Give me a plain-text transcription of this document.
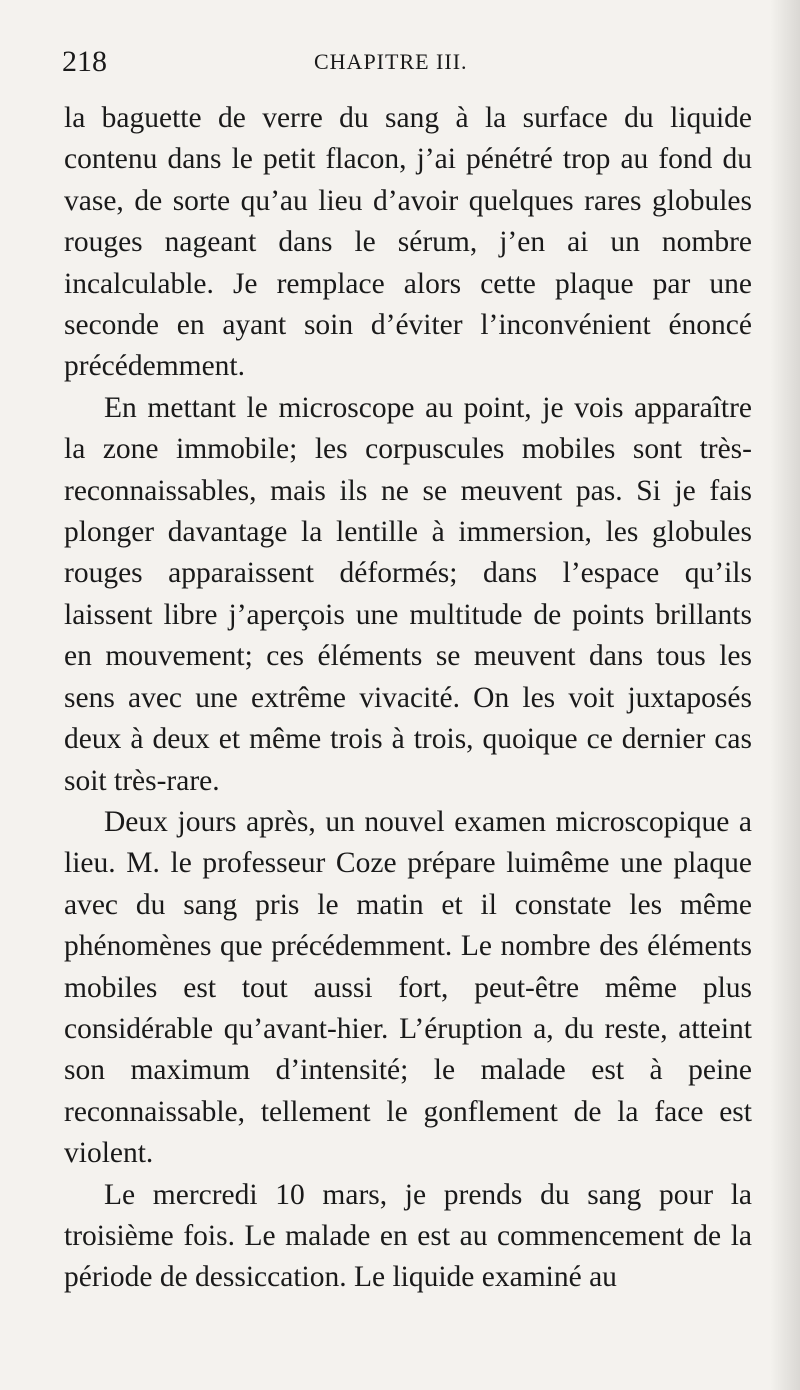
218	CHAPITRE III.

la baguette de verre du sang à la surface du liquide contenu dans le petit flacon, j’ai pénétré trop au fond du vase, de sorte qu’au lieu d’avoir quelques rares globules rouges nageant dans le sérum, j’en ai un nombre incalculable. Je remplace alors cette plaque par une seconde en ayant soin d’éviter l’inconvénient énoncé précédemment.

En mettant le microscope au point, je vois apparaître la zone immobile; les corpuscules mobiles sont très-reconnaissables, mais ils ne se meuvent pas. Si je fais plonger davantage la lentille à immersion, les globules rouges apparaissent déformés; dans l’espace qu’ils laissent libre j’aperçois une multitude de points brillants en mouvement; ces éléments se meuvent dans tous les sens avec une extrême vivacité. On les voit juxtaposés deux à deux et même trois à trois, quoique ce dernier cas soit très-rare.

Deux jours après, un nouvel examen microscopique a lieu. M. le professeur Coze prépare luimême une plaque avec du sang pris le matin et il constate les même phénomènes que précédemment. Le nombre des éléments mobiles est tout aussi fort, peut-être même plus considérable qu’avant-hier. L’éruption a, du reste, atteint son maximum d’intensité; le malade est à peine reconnaissable, tellement le gonflement de la face est violent.

Le mercredi 10 mars, je prends du sang pour la troisième fois. Le malade en est au commencement de la période de dessiccation. Le liquide examiné au
